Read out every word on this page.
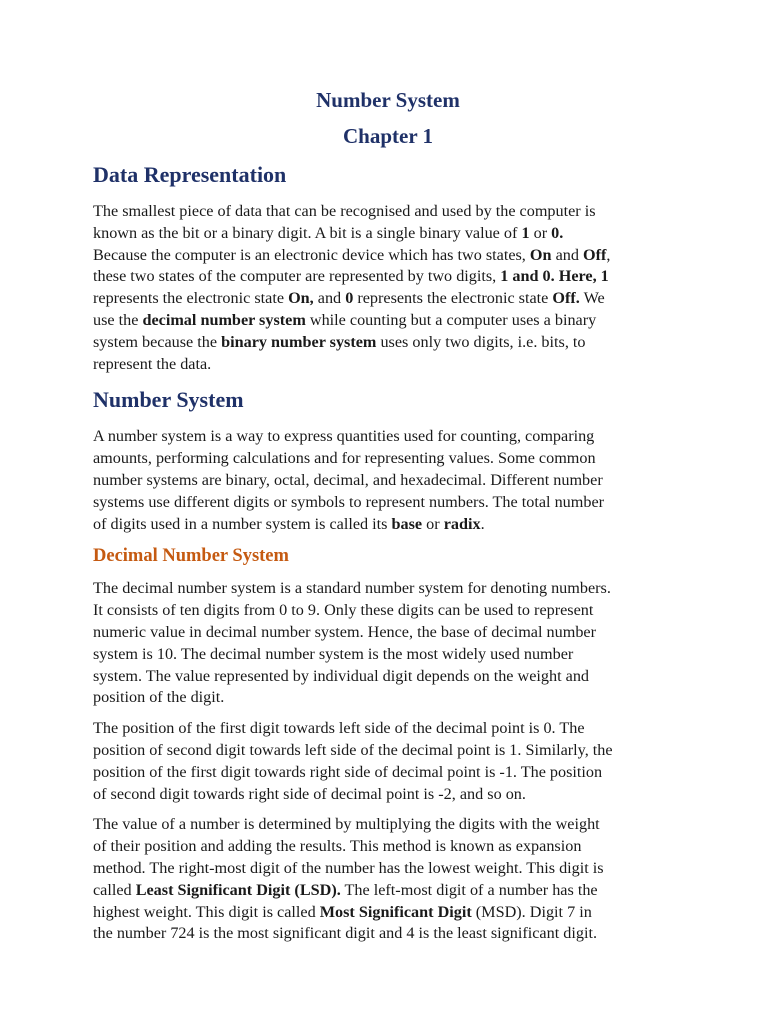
Number System
Chapter 1
Data Representation

The smallest piece of data that can be recognised and used by the computer is
known as the bit or a binary digit. A bit is a single binary value of 1 or 0.
Because the computer is an electronic device which has two states, On and Off,
these two states of the computer are represented by two digits, 1 and 0. Here, 1
represents the electronic state On, and 0 represents the electronic state Off. We
use the decimal number system while counting but a computer uses a binary
system because the binary number system uses only two digits, i.e. bits, to
represent the data.

Number System

A number system is a way to express quantities used for counting, comparing
amounts, performing calculations and for representing values. Some common
number systems are binary, octal, decimal, and hexadecimal. Different number
systems use different digits or symbols to represent numbers. The total number
of digits used in a number system is called its base or radix.

Decimal Number System

The decimal number system is a standard number system for denoting numbers.
It consists of ten digits from 0 to 9. Only these digits can be used to represent
numeric value in decimal number system. Hence, the base of decimal number
system is 10. The decimal number system is the most widely used number
system. The value represented by individual digit depends on the weight and
position of the digit.

The position of the first digit towards left side of the decimal point is 0. The
position of second digit towards left side of the decimal point is 1. Similarly, the
position of the first digit towards right side of decimal point is -1. The position
of second digit towards right side of decimal point is -2, and so on.

The value of a number is determined by multiplying the digits with the weight
of their position and adding the results. This method is known as expansion
method. The right-most digit of the number has the lowest weight. This digit is
called Least Significant Digit (LSD). The left-most digit of a number has the
highest weight. This digit is called Most Significant Digit (MSD). Digit 7 in
the number 724 is the most significant digit and 4 is the least significant digit.
